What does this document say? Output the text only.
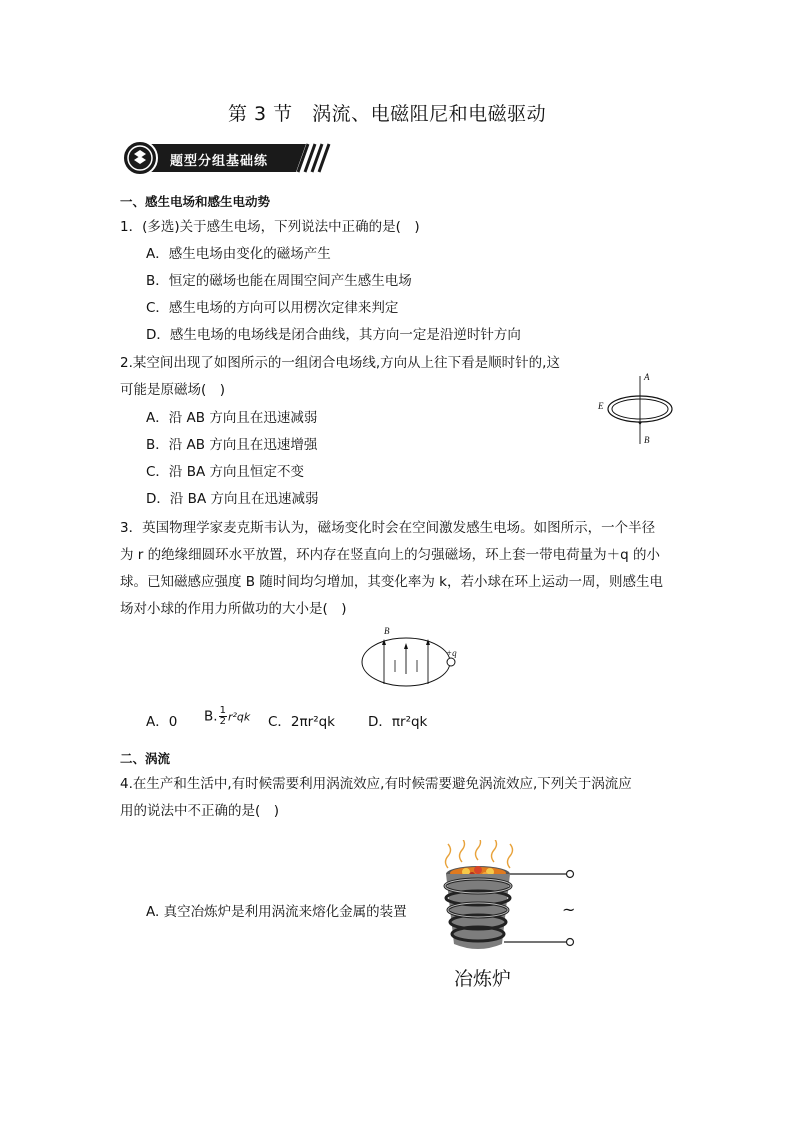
第 3 节　涡流、电磁阻尼和电磁驱动
题型分组基础练
一、感生电场和感生电动势
1．(多选)关于感生电场，下列说法中正确的是(　)
A．感生电场由变化的磁场产生
B．恒定的磁场也能在周围空间产生感生电场
C．感生电场的方向可以用楞次定律来判定
D．感生电场的电场线是闭合曲线，其方向一定是沿逆时针方向
2.某空间出现了如图所示的一组闭合电场线,方向从上往下看是顺时针的,这
可能是原磁场(　)
A．沿 AB 方向且在迅速减弱
B．沿 AB 方向且在迅速增强
C．沿 BA 方向且恒定不变
D．沿 BA 方向且在迅速减弱
A
B
E
3．英国物理学家麦克斯韦认为，磁场变化时会在空间激发感生电场。如图所示，一个半径
为 r 的绝缘细圆环水平放置，环内存在竖直向上的匀强磁场，环上套一带电荷量为＋q 的小
球。已知磁感应强度 B 随时间均匀增加，其变化率为 k，若小球在环上运动一周，则感生电
场对小球的作用力所做功的大小是(　)
B
+q
A．0 B. $\frac{1}{2} r^2qk$ C．2πr²qk D．πr²qk
二、涡流
4.在生产和生活中,有时候需要利用涡流效应,有时候需要避免涡流效应,下列关于涡流应
用的说法中不正确的是(　)
A. 真空冶炼炉是利用涡流来熔化金属的装置	~
冶炼炉
